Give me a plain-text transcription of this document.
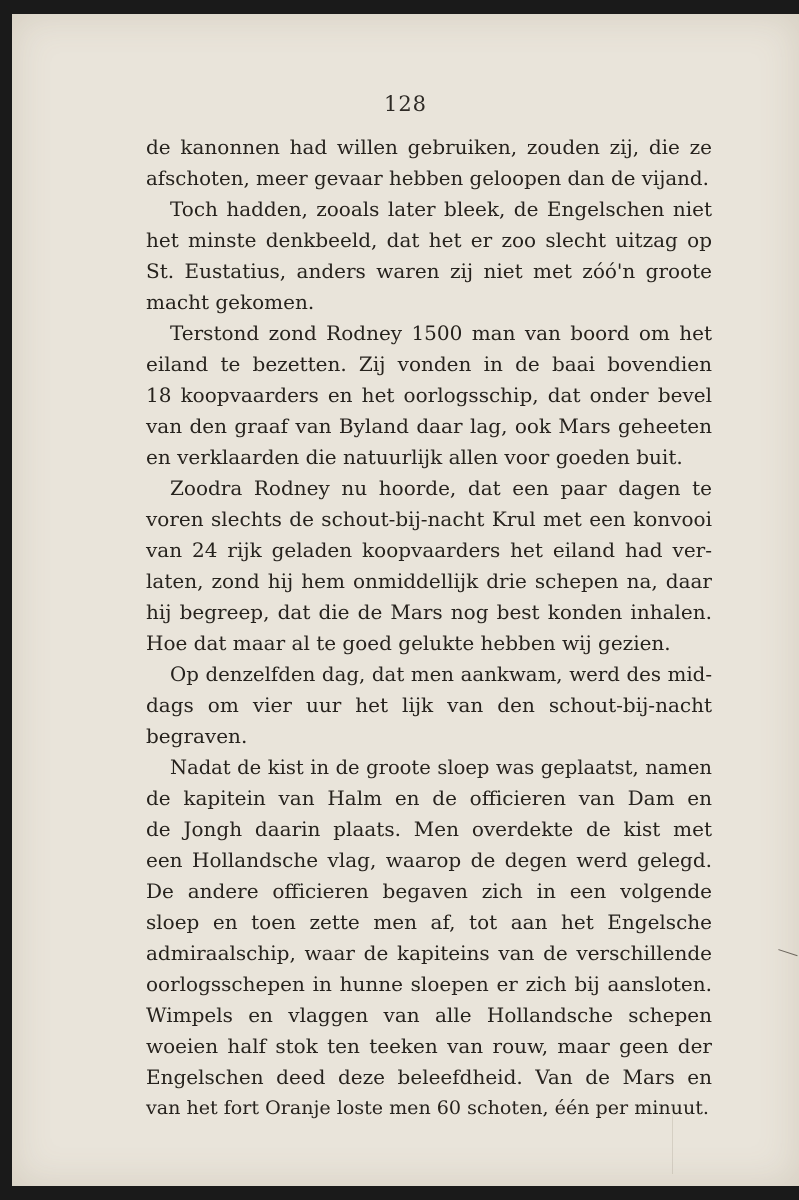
128
de kanonnen had willen gebruiken, zouden zij, die ze
afschoten, meer gevaar hebben geloopen dan de vijand.
Toch hadden, zooals later bleek, de Engelschen niet
het minste denkbeeld, dat het er zoo slecht uitzag op
St. Eustatius, anders waren zij niet met zóó'n groote
macht gekomen.
Terstond zond Rodney 1500 man van boord om het
eiland te bezetten. Zij vonden in de baai bovendien
18 koopvaarders en het oorlogsschip, dat onder bevel
van den graaf van Byland daar lag, ook Mars geheeten
en verklaarden die natuurlijk allen voor goeden buit.
Zoodra Rodney nu hoorde, dat een paar dagen te
voren slechts de schout-bij-nacht Krul met een konvooi
van 24 rijk geladen koopvaarders het eiland had ver-
laten, zond hij hem onmiddellijk drie schepen na, daar
hij begreep, dat die de Mars nog best konden inhalen.
Hoe dat maar al te goed gelukte hebben wij gezien.
Op denzelfden dag, dat men aankwam, werd des mid-
dags om vier uur het lijk van den schout-bij-nacht
begraven.
Nadat de kist in de groote sloep was geplaatst, namen
de kapitein van Halm en de officieren van Dam en
de Jongh daarin plaats. Men overdekte de kist met
een Hollandsche vlag, waarop de degen werd gelegd.
De andere officieren begaven zich in een volgende
sloep en toen zette men af, tot aan het Engelsche
admiraalschip, waar de kapiteins van de verschillende
oorlogsschepen in hunne sloepen er zich bij aansloten.
Wimpels en vlaggen van alle Hollandsche schepen
woeien half stok ten teeken van rouw, maar geen der
Engelschen deed deze beleefdheid. Van de Mars en
van het fort Oranje loste men 60 schoten, één per minuut.
